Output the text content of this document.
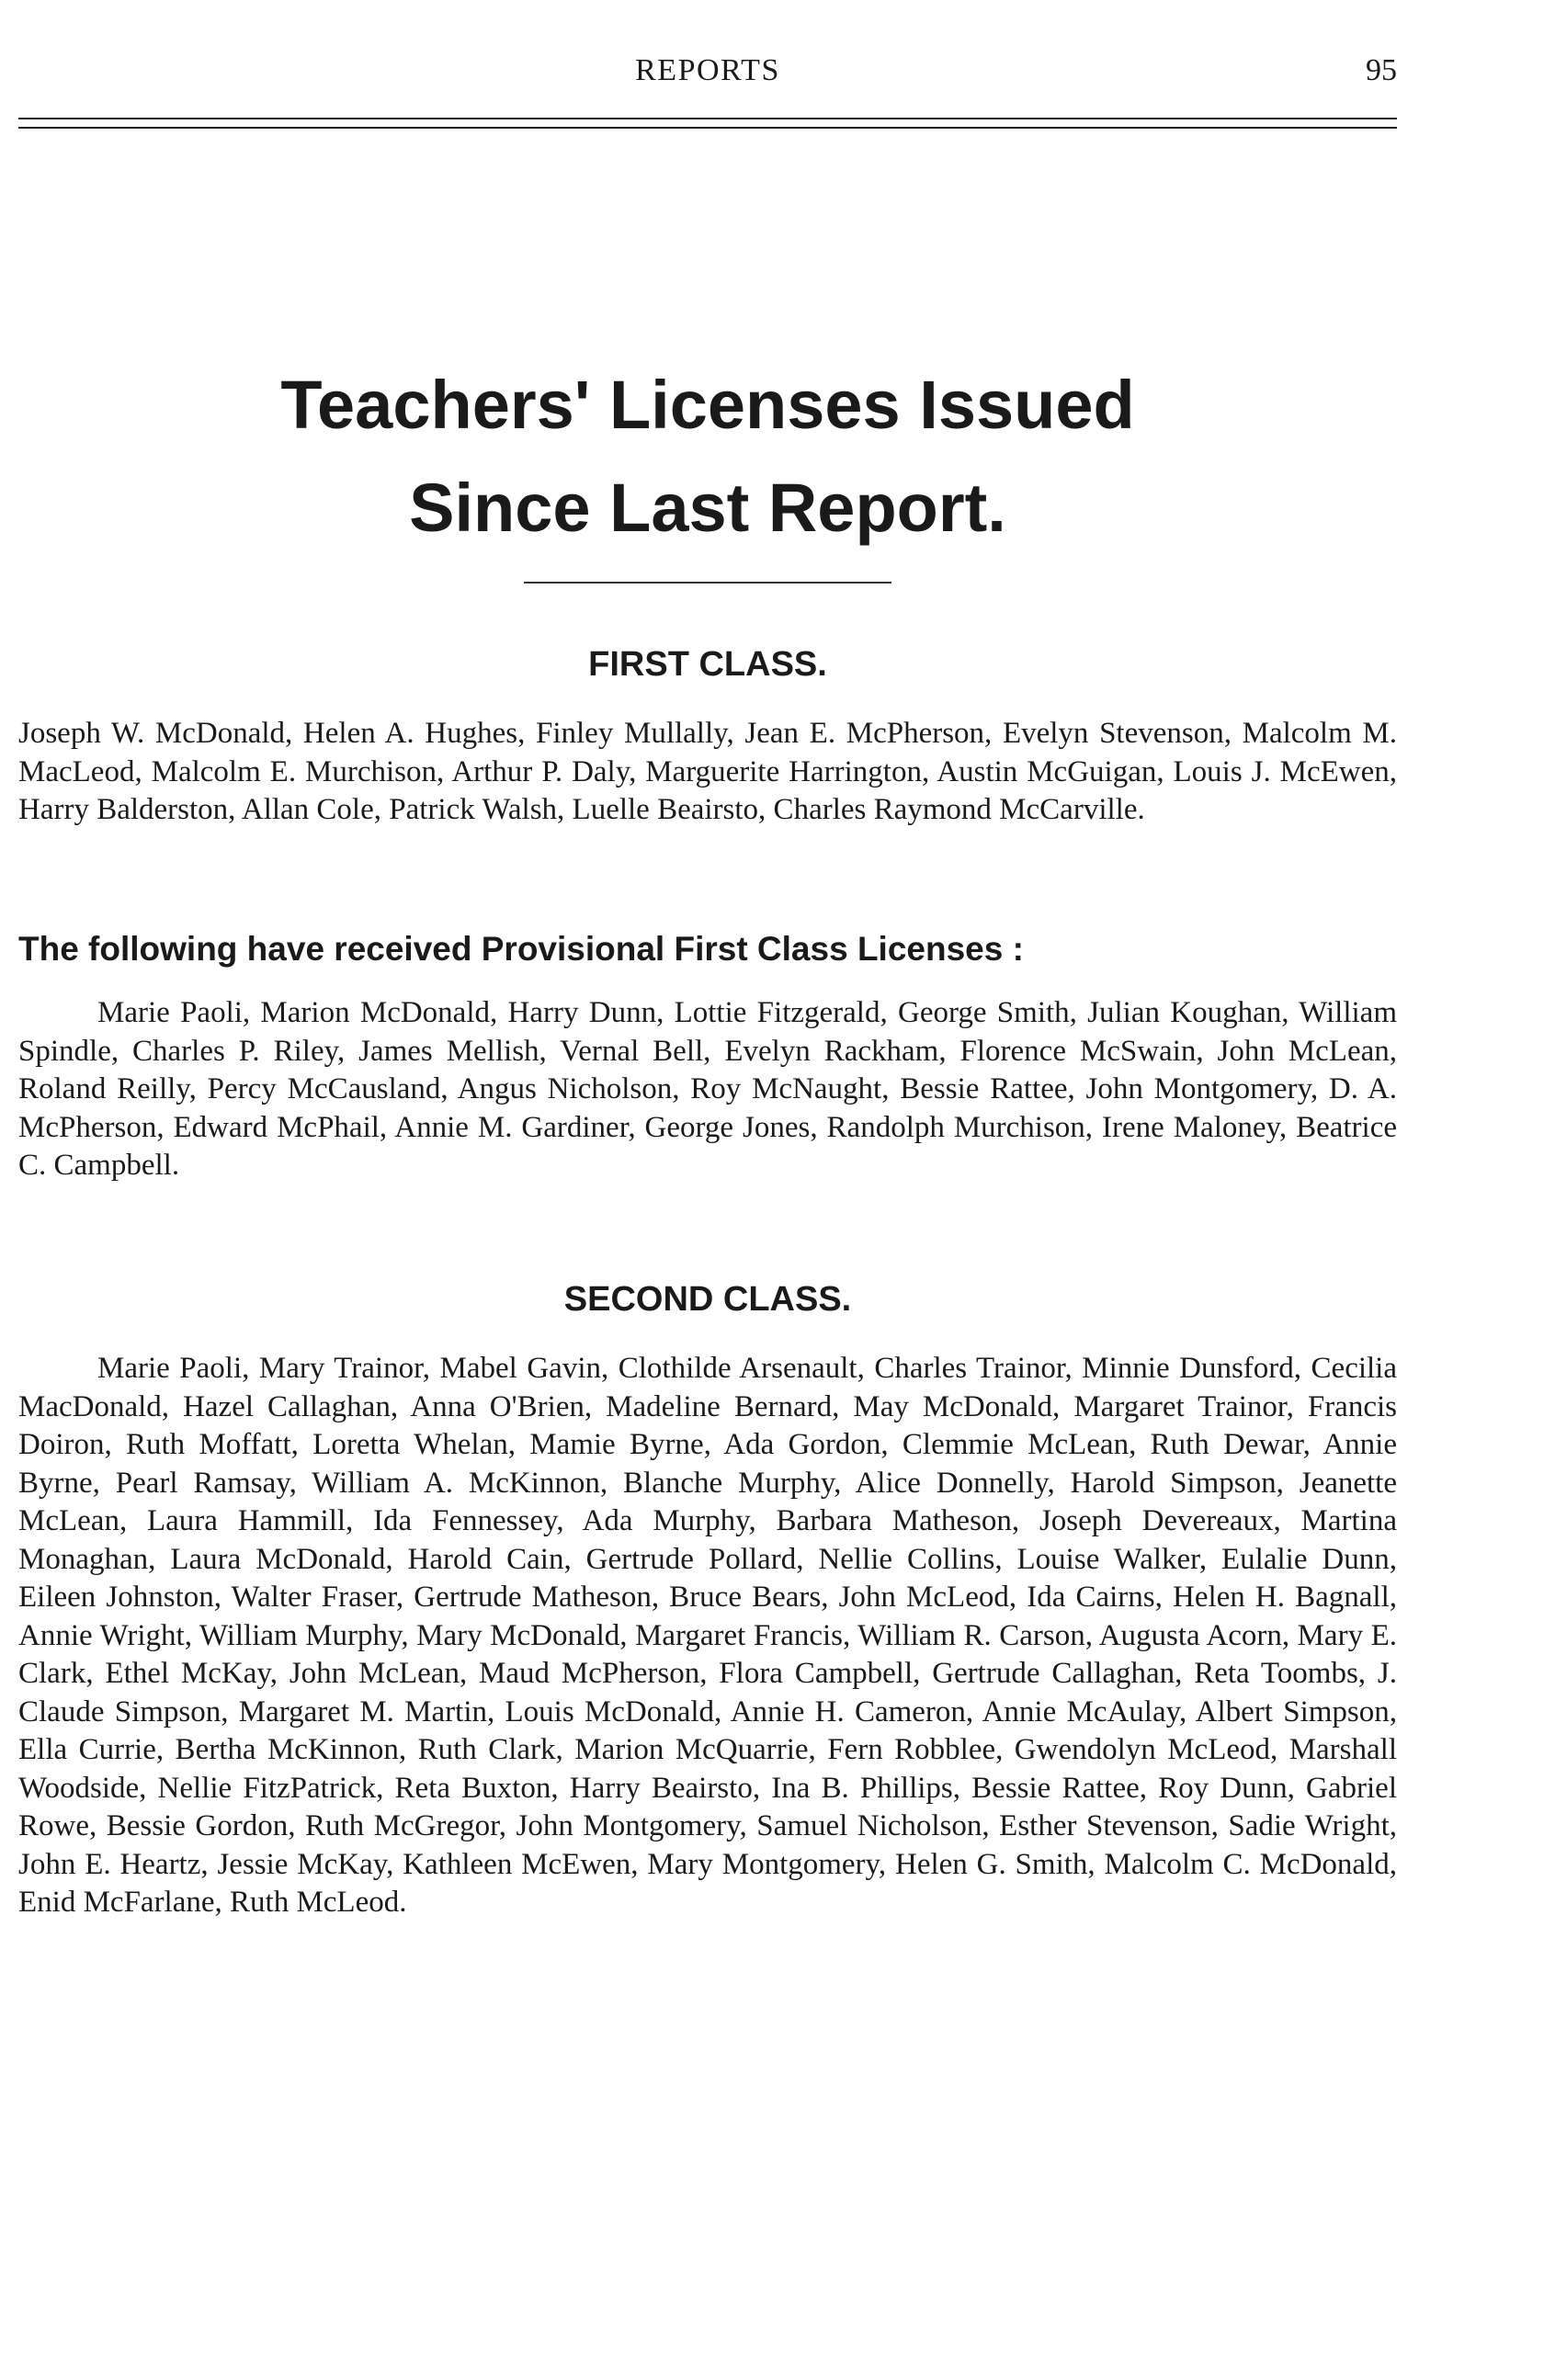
REPORTS	95
Teachers' Licenses Issued Since Last Report.
FIRST CLASS.

Joseph W. McDonald, Helen A. Hughes, Finley Mullally, Jean E. McPherson, Evelyn Stevenson, Malcolm M. MacLeod, Malcolm E. Murchison, Arthur P. Daly, Marguerite Harrington, Austin McGuigan, Louis J. McEwen, Harry Balderston, Allan Cole, Patrick Walsh, Luelle Beairsto, Charles Raymond McCarville.

The following have received Provisional First Class Licenses :

Marie Paoli, Marion McDonald, Harry Dunn, Lottie Fitzgerald, George Smith, Julian Koughan, William Spindle, Charles P. Riley, James Mellish, Vernal Bell, Evelyn Rackham, Florence McSwain, John McLean, Roland Reilly, Percy McCausland, Angus Nicholson, Roy McNaught, Bessie Rattee, John Montgomery, D. A. McPherson, Edward McPhail, Annie M. Gardiner, George Jones, Randolph Murchison, Irene Maloney, Beatrice C. Campbell.

SECOND CLASS.

Marie Paoli, Mary Trainor, Mabel Gavin, Clothilde Arsenault, Charles Trainor, Minnie Dunsford, Cecilia MacDonald, Hazel Callaghan, Anna O'Brien, Madeline Bernard, May McDonald, Margaret Trainor, Francis Doiron, Ruth Moffatt, Loretta Whelan, Mamie Byrne, Ada Gordon, Clemmie McLean, Ruth Dewar, Annie Byrne, Pearl Ramsay, William A. McKinnon, Blanche Murphy, Alice Donnelly, Harold Simpson, Jeanette McLean, Laura Hammill, Ida Fennessey, Ada Murphy, Barbara Matheson, Joseph Devereaux, Martina Monaghan, Laura McDonald, Harold Cain, Gertrude Pollard, Nellie Collins, Louise Walker, Eulalie Dunn, Eileen Johnston, Walter Fraser, Gertrude Matheson, Bruce Bears, John McLeod, Ida Cairns, Helen H. Bagnall, Annie Wright, William Murphy, Mary McDonald, Margaret Francis, William R. Carson, Augusta Acorn, Mary E. Clark, Ethel McKay, John McLean, Maud McPherson, Flora Campbell, Gertrude Callaghan, Reta Toombs, J. Claude Simpson, Margaret M. Martin, Louis McDonald, Annie H. Cameron, Annie McAulay, Albert Simpson, Ella Currie, Bertha McKinnon, Ruth Clark, Marion McQuarrie, Fern Robblee, Gwendolyn McLeod, Marshall Woodside, Nellie FitzPatrick, Reta Buxton, Harry Beairsto, Ina B. Phillips, Bessie Rattee, Roy Dunn, Gabriel Rowe, Bessie Gordon, Ruth McGregor, John Montgomery, Samuel Nicholson, Esther Stevenson, Sadie Wright, John E. Heartz, Jessie McKay, Kathleen McEwen, Mary Montgomery, Helen G. Smith, Malcolm C. McDonald, Enid McFarlane, Ruth McLeod.
